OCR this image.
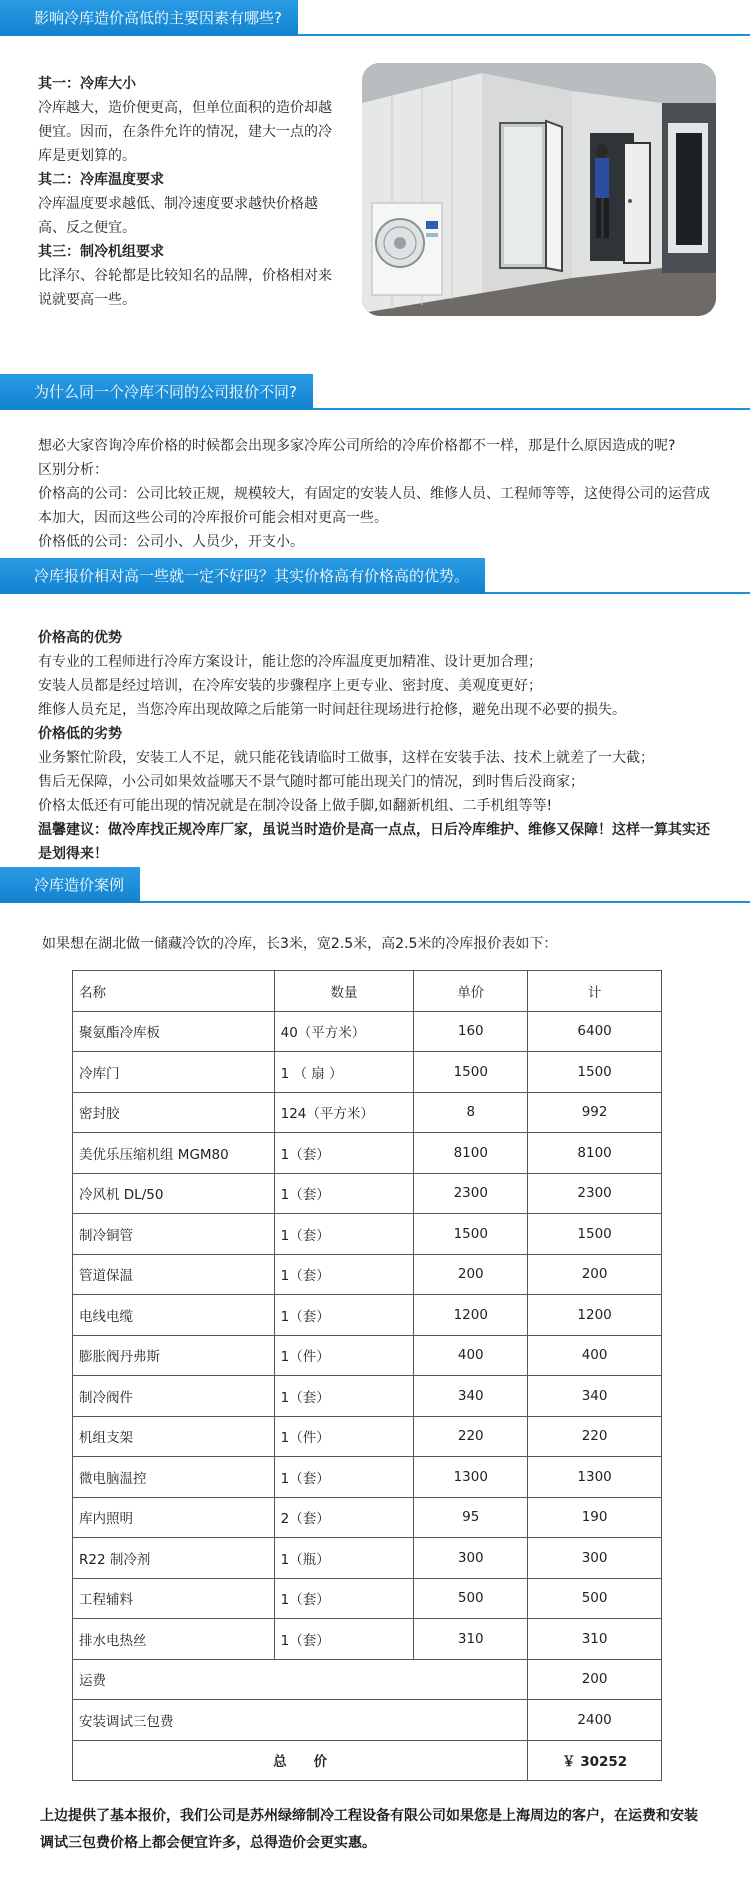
影响冷库造价高低的主要因素有哪些?
其一：冷库大小
冷库越大，造价便更高，但单位面积的造价却越便宜。因而，在条件允许的情况，建大一点的冷库是更划算的。
其二：冷库温度要求
冷库温度要求越低、制冷速度要求越快价格越高、反之便宜。
其三：制冷机组要求
比泽尔、谷轮都是比较知名的品牌，价格相对来说就要高一些。
为什么同一个冷库不同的公司报价不同?
想必大家咨询冷库价格的时候都会出现多家冷库公司所给的冷库价格都不一样，那是什么原因造成的呢?
区别分析：
价格高的公司：公司比较正规，规模较大，有固定的安装人员、维修人员、工程师等等，这使得公司的运营成本加大，因而这些公司的冷库报价可能会相对更高一些。
价格低的公司：公司小、人员少，开支小。
冷库报价相对高一些就一定不好吗？其实价格高有价格高的优势。
价格高的优势
有专业的工程师进行冷库方案设计，能让您的冷库温度更加精准、设计更加合理；
安装人员都是经过培训，在冷库安装的步骤程序上更专业、密封度、美观度更好；
维修人员充足，当您冷库出现故障之后能第一时间赶往现场进行抢修，避免出现不必要的损失。
价格低的劣势
业务繁忙阶段，安装工人不足，就只能花钱请临时工做事，这样在安装手法、技术上就差了一大截；
售后无保障，小公司如果效益哪天不景气随时都可能出现关门的情况，到时售后没商家；
价格太低还有可能出现的情况就是在制冷设备上做手脚,如翻新机组、二手机组等等!
温馨建议：做冷库找正规冷库厂家，虽说当时造价是高一点点，日后冷库维护、维修又保障！这样一算其实还是划得来！
冷库造价案例
如果想在湖北做一储藏冷饮的冷库，长3米，宽2.5米，高2.5米的冷库报价表如下：
名称	数量	单价	计
聚氨酯冷库板	40（平方米）	160	6400
冷库门	1 （ 扇 ）	1500	1500
密封胶	124（平方米）	8	992
美优乐压缩机组 MGM80	1（套）	8100	8100
冷风机 DL/50	1（套）	2300	2300
制冷铜管	1（套）	1500	1500
管道保温	1（套）	200	200
电线电缆	1（套）	1200	1200
膨胀阀丹弗斯	1（件）	400	400
制冷阀件	1（套）	340	340
机组支架	1（件）	220	220
微电脑温控	1（套）	1300	1300
库内照明	2（套）	95	190
R22 制冷剂	1（瓶）	300	300
工程辅料	1（套）	500	500
排水电热丝	1（套）	310	310
运费			200
安装调试三包费			2400
总　　价			￥ 30252
上边提供了基本报价，我们公司是苏州绿缔制冷工程设备有限公司如果您是上海周边的客户，在运费和安装调试三包费价格上都会便宜许多，总得造价会更实惠。
